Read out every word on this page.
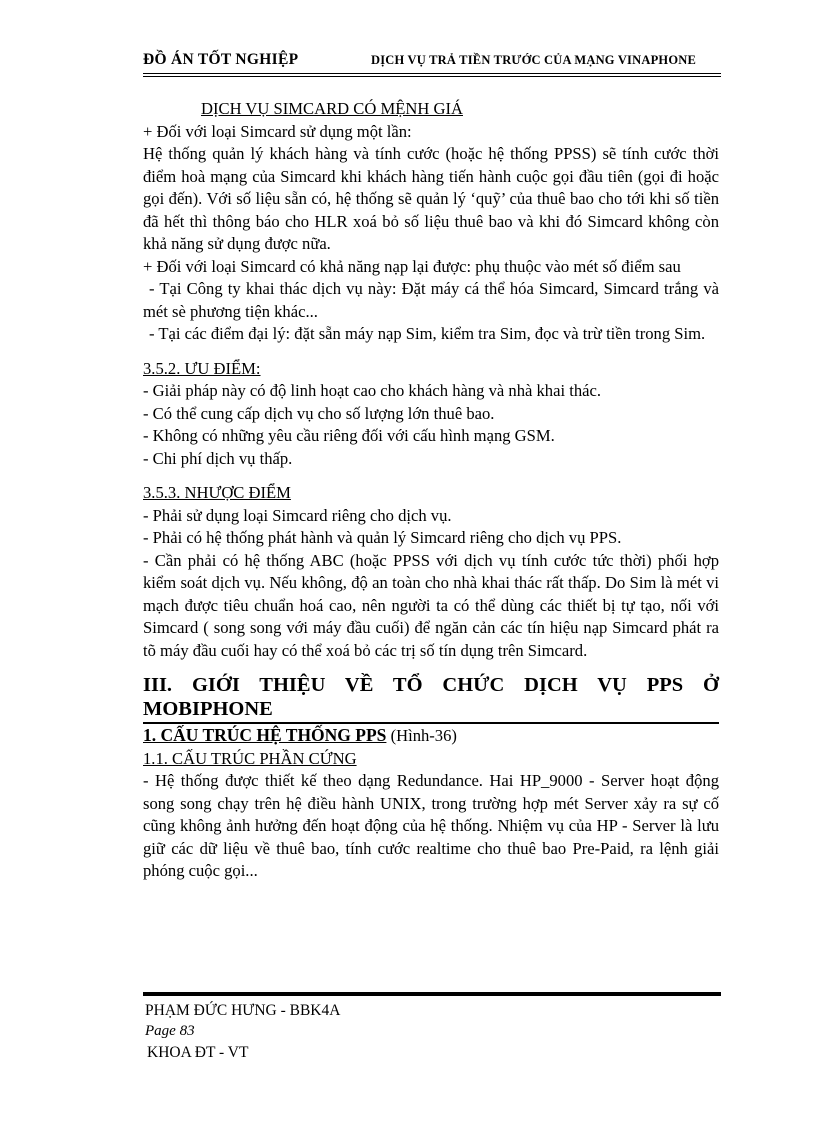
ĐỒ ÁN TỐT NGHIỆP	DỊCH VỤ TRẢ TIỀN TRƯỚC CỦA MẠNG VINAPHONE

DỊCH VỤ SIMCARD CÓ MỆNH GIÁ

+ Đối với loại Simcard sử dụng một lần:

Hệ thống quản lý khách hàng và tính cước (hoặc hệ thống PPSS) sẽ tính cước thời điểm hoà mạng của Simcard khi khách hàng tiến hành cuộc gọi đầu tiên (gọi đi hoặc gọi đến). Với số liệu sẵn có, hệ thống sẽ quản lý ‘quỹ’ của thuê bao cho tới khi số tiền đã hết thì thông báo cho HLR xoá bỏ số liệu thuê bao và khi đó Simcard không còn khả năng sử dụng được nữa.

+ Đối với loại Simcard có khả năng nạp lại được: phụ thuộc vào mét số điểm sau

- Tại Công ty khai thác dịch vụ này: Đặt máy cá thể hóa Simcard, Simcard trắng và mét sè phương tiện khác...

- Tại các điểm đại lý: đặt sẵn máy nạp Sim, kiểm tra Sim, đọc và trừ tiền trong Sim.

3.5.2. ƯU ĐIỂM:

- Giải pháp này có độ linh hoạt cao cho khách hàng và nhà khai thác.

- Có thể cung cấp dịch vụ cho số lượng lớn thuê bao.

- Không có những yêu cầu riêng đối với cấu hình mạng GSM.

- Chi phí dịch vụ thấp.

3.5.3. NHƯỢC ĐIỂM

- Phải sử dụng loại Simcard riêng cho dịch vụ.

- Phải có hệ thống phát hành và quản lý Simcard riêng cho dịch vụ PPS.

- Cần phải có hệ thống ABC (hoặc PPSS với dịch vụ tính cước tức thời) phối hợp kiểm soát dịch vụ. Nếu không, độ an toàn cho nhà khai thác rất thấp. Do Sim là mét vi mạch được tiêu chuẩn hoá cao, nên người ta có thể dùng các thiết bị tự tạo, nối với Simcard ( song song với máy đầu cuối) để ngăn cản các tín hiệu nạp Simcard phát ra tõ máy đầu cuối hay có thể xoá bỏ các trị số tín dụng trên Simcard.

III. GIỚI THIỆU VỀ TỔ CHỨC DỊCH VỤ PPS Ở MOBIPHONE

1. CẤU TRÚC HỆ THỐNG PPS (Hình-36)

1.1. CẤU TRÚC PHẦN CỨNG

- Hệ thống được thiết kế theo dạng Redundance. Hai HP_9000 - Server hoạt động song song chạy trên hệ điều hành UNIX, trong trường hợp mét Server xảy ra sự cố cũng không ảnh hưởng đến hoạt động của hệ thống. Nhiệm vụ của HP - Server là lưu giữ các dữ liệu về thuê bao, tính cước realtime cho thuê bao Pre-Paid, ra lệnh giải phóng cuộc gọi...

PHẠM ĐỨC HƯNG - BBK4A
Page 83
KHOA ĐT - VT
